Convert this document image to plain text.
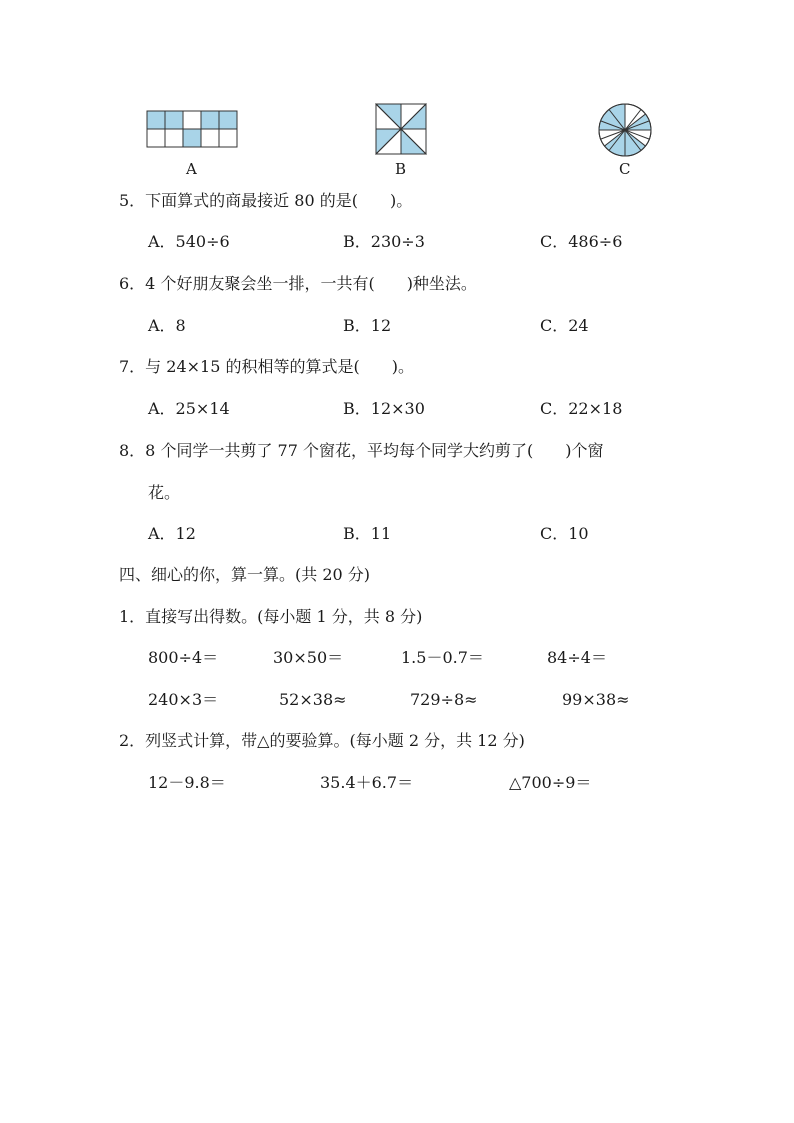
A	B	C
5．下面算式的商最接近 80 的是(　　)。
A．540÷6	B．230÷3	C．486÷6
6．4 个好朋友聚会坐一排，一共有(　　)种坐法。
A．8	B．12	C．24
7．与 24×15 的积相等的算式是(　　)。
A．25×14	B．12×30	C．22×18
8．8 个同学一共剪了 77 个窗花，平均每个同学大约剪了(　　)个窗
花。
A．12	B．11	C．10
四、细心的你，算一算。(共 20 分)
1．直接写出得数。(每小题 1 分，共 8 分)
800÷4＝	30×50＝	1.5－0.7＝	84÷4＝
240×3＝	52×38≈	729÷8≈	99×38≈
2．列竖式计算，带△的要验算。(每小题 2 分，共 12 分)
12－9.8＝	35.4＋6.7＝	△700÷9＝
